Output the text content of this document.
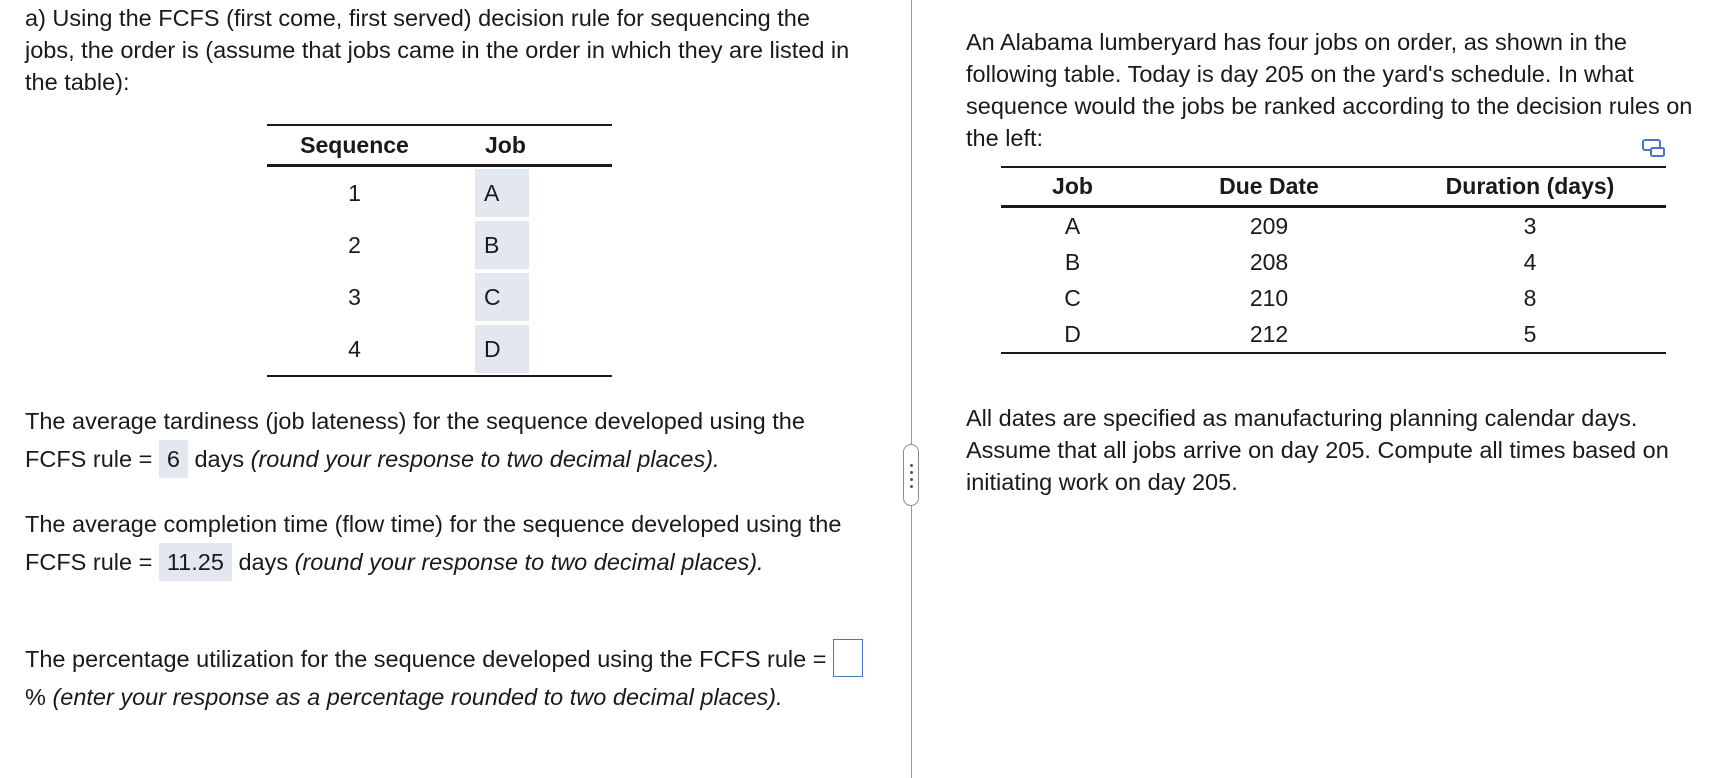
a) Using the FCFS (first come, first served) decision rule for sequencing the jobs, the order is (assume that jobs came in the order in which they are listed in the table):

Sequence	Job
1	A
2	B
3	C
4	D
The average tardiness (job lateness) for the sequence developed using the FCFS rule = 6 days (round your response to two decimal places).
The average completion time (flow time) for the sequence developed using the FCFS rule = 11.25 days (round your response to two decimal places).
The percentage utilization for the sequence developed using the FCFS rule = % (enter your response as a percentage rounded to two decimal places).

An Alabama lumberyard has four jobs on order, as shown in the following table. Today is day 205 on the yard's schedule. In what sequence would the jobs be ranked according to the decision rules on the left:

Job	Due Date	Duration (days)
A	209	3
B	208	4
C	210	8
D	212	5

All dates are specified as manufacturing planning calendar days. Assume that all jobs arrive on day 205. Compute all times based on initiating work on day 205.
